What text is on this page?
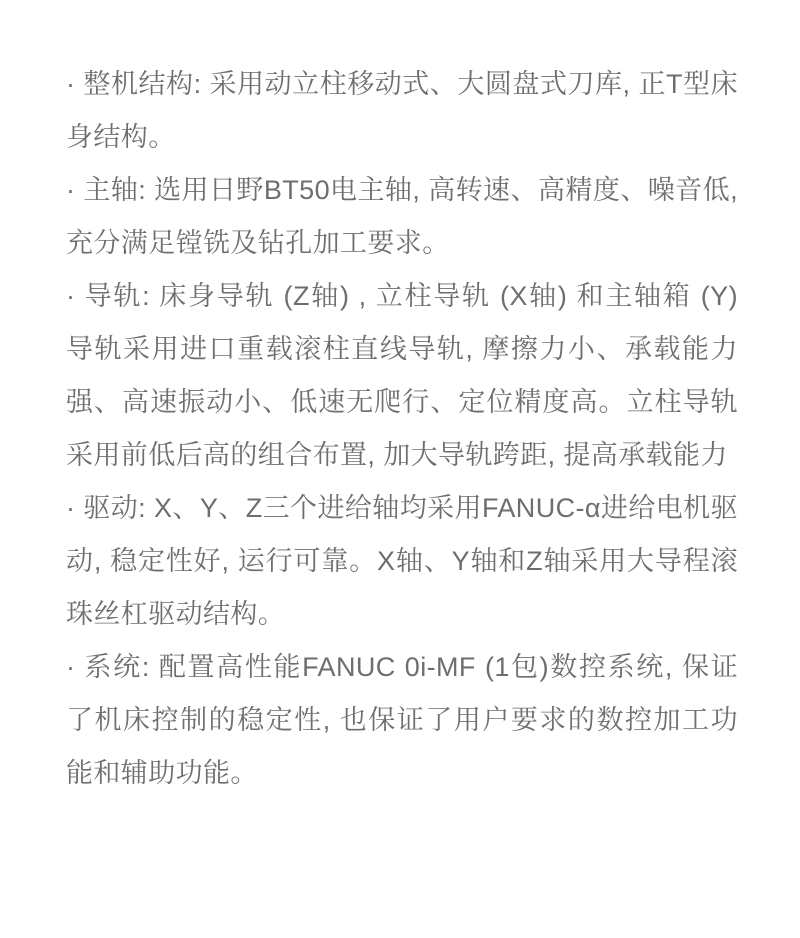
· 整机结构: 采用动立柱移动式、大圆盘式刀库, 正T型床身结构。
· 主轴: 选用日野BT50电主轴, 高转速、高精度、噪音低, 充分满足镗铣及钻孔加工要求。
· 导轨: 床身导轨 (Z轴) , 立柱导轨 (X轴) 和主轴箱 (Y) 导轨采用进口重载滚柱直线导轨, 摩擦力小、承载能力强、高速振动小、低速无爬行、定位精度高。立柱导轨采用前低后高的组合布置, 加大导轨跨距, 提高承载能力
· 驱动: X、Y、Z三个进给轴均采用FANUC-α进给电机驱动, 稳定性好, 运行可靠。X轴、Y轴和Z轴采用大导程滚珠丝杠驱动结构。
· 系统: 配置高性能FANUC 0i-MF (1包)数控系统, 保证了机床控制的稳定性, 也保证了用户要求的数控加工功能和辅助功能。
